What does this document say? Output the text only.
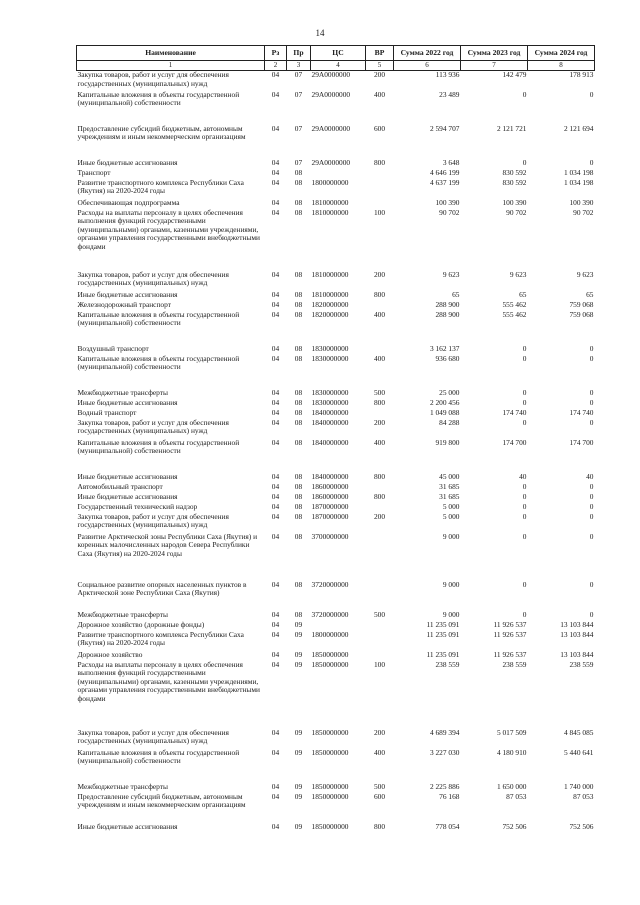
14
Наименование	Рз	Пр	ЦС	ВР	Сумма 2022 год	Сумма 2023 год	Сумма 2024 год
1	2	3	4	5	6	7	8
Закупка товаров, работ и услуг для обеспечения государственных (муниципальных) нужд	04	07	29А0000000	200	113 936	142 479	178 913
Капитальные вложения в объекты государственной (муниципальной) собственности	04	07	29А0000000	400	23 489	0	0
Предоставление субсидий бюджетным, автономным учреждениям и иным некоммерческим организациям	04	07	29А0000000	600	2 594 707	2 121 721	2 121 694
Иные бюджетные ассигнования	04	07	29А0000000	800	3 648	0	0
Транспорт	04	08			4 646 199	830 592	1 034 198
Развитие транспортного комплекса Республики Саха (Якутия) на 2020-2024 годы	04	08	1800000000		4 637 199	830 592	1 034 198
Обеспечивающая подпрограмма	04	08	1810000000		100 390	100 390	100 390
Расходы на выплаты персоналу в целях обеспечения выполнения функций государственными (муниципальными) органами, казенными учреждениями, органами управления государственными внебюджетными фондами	04	08	1810000000	100	90 702	90 702	90 702
Закупка товаров, работ и услуг для обеспечения государственных (муниципальных) нужд	04	08	1810000000	200	9 623	9 623	9 623
Иные бюджетные ассигнования	04	08	1810000000	800	65	65	65
Железнодорожный транспорт	04	08	1820000000		288 900	555 462	759 068
Капитальные вложения в объекты государственной (муниципальной) собственности	04	08	1820000000	400	288 900	555 462	759 068
Воздушный транспорт	04	08	1830000000		3 162 137	0	0
Капитальные вложения в объекты государственной (муниципальной) собственности	04	08	1830000000	400	936 680	0	0
Межбюджетные трансферты	04	08	1830000000	500	25 000	0	0
Иные бюджетные ассигнования	04	08	1830000000	800	2 200 456	0	0
Водный транспорт	04	08	1840000000		1 049 088	174 740	174 740
Закупка товаров, работ и услуг для обеспечения государственных (муниципальных) нужд	04	08	1840000000	200	84 288	0	0
Капитальные вложения в объекты государственной (муниципальной) собственности	04	08	1840000000	400	919 800	174 700	174 700
Иные бюджетные ассигнования	04	08	1840000000	800	45 000	40	40
Автомобильный транспорт	04	08	1860000000		31 685	0	0
Иные бюджетные ассигнования	04	08	1860000000	800	31 685	0	0
Государственный технический надзор	04	08	1870000000		5 000	0	0
Закупка товаров, работ и услуг для обеспечения государственных (муниципальных) нужд	04	08	1870000000	200	5 000	0	0
Развитие Арктической зоны Республики Саха (Якутия) и коренных малочисленных народов Севера Республики Саха (Якутия) на 2020-2024 годы	04	08	3700000000		9 000	0	0
Социальное развитие опорных населенных пунктов в Арктической зоне Республики Саха (Якутия)	04	08	3720000000		9 000	0	0
Межбюджетные трансферты	04	08	3720000000	500	9 000	0	0
Дорожное хозяйство (дорожные фонды)	04	09			11 235 091	11 926 537	13 103 844
Развитие транспортного комплекса Республики Саха (Якутия) на 2020-2024 годы	04	09	1800000000		11 235 091	11 926 537	13 103 844
Дорожное хозяйство	04	09	1850000000		11 235 091	11 926 537	13 103 844
Расходы на выплаты персоналу в целях обеспечения выполнения функций государственными (муниципальными) органами, казенными учреждениями, органами управления государственными внебюджетными фондами	04	09	1850000000	100	238 559	238 559	238 559
Закупка товаров, работ и услуг для обеспечения государственных (муниципальных) нужд	04	09	1850000000	200	4 689 394	5 017 509	4 845 085
Капитальные вложения в объекты государственной (муниципальной) собственности	04	09	1850000000	400	3 227 030	4 180 910	5 440 641
Межбюджетные трансферты	04	09	1850000000	500	2 225 886	1 650 000	1 740 000
Предоставление субсидий бюджетным, автономным учреждениям и иным некоммерческим организациям	04	09	1850000000	600	76 168	87 053	87 053
Иные бюджетные ассигнования	04	09	1850000000	800	778 054	752 506	752 506
